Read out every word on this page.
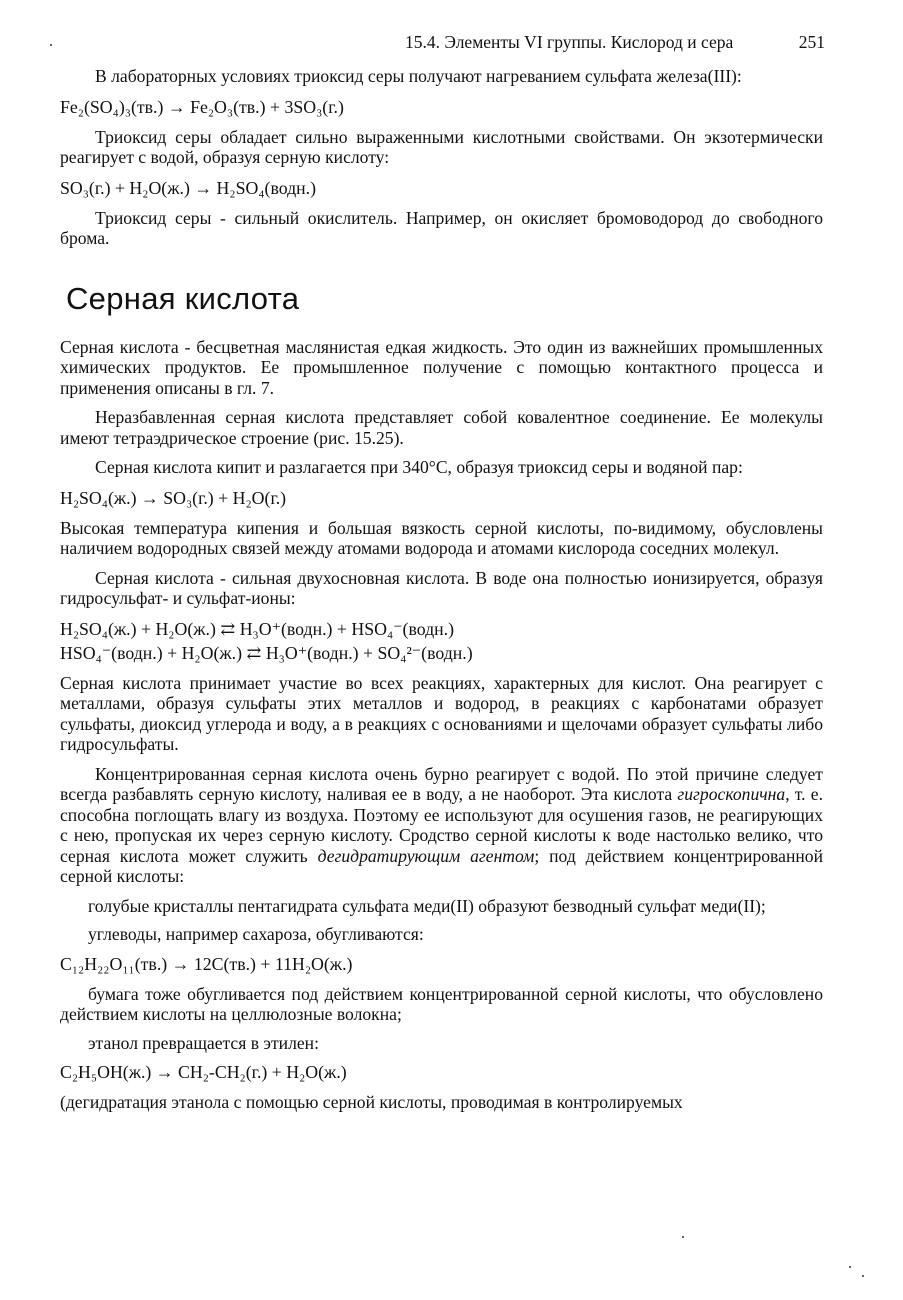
15.4. Элементы VI группы. Кислород и сера	251

В лабораторных условиях триоксид серы получают нагреванием сульфата железа(III):

Fe₂(SO₄)₃(тв.) → Fe₂O₃(тв.) + 3SO₃(г.)

Триоксид серы обладает сильно выраженными кислотными свойствами. Он экзотермически реагирует с водой, образуя серную кислоту:

SO₃(г.) + H₂O(ж.) → H₂SO₄(водн.)

Триоксид серы - сильный окислитель. Например, он окисляет бромоводород до свободного брома.

Серная кислота

Серная кислота - бесцветная маслянистая едкая жидкость. Это один из важнейших промышленных химических продуктов. Ее промышленное получение с помощью контактного процесса и применения описаны в гл. 7.

Неразбавленная серная кислота представляет собой ковалентное соединение. Ее молекулы имеют тетраэдрическое строение (рис. 15.25).

Серная кислота кипит и разлагается при 340°С, образуя триоксид серы и водяной пар:

H₂SO₄(ж.) → SO₃(г.) + H₂O(г.)

Высокая температура кипения и большая вязкость серной кислоты, по-видимому, обусловлены наличием водородных связей между атомами водорода и атомами кислорода соседних молекул.

Серная кислота - сильная двухосновная кислота. В воде она полностью ионизируется, образуя гидросульфат- и сульфат-ионы:

H₂SO₄(ж.) + H₂O(ж.) ⇄ H₃O⁺(водн.) + HSO₄⁻(водн.)
HSO₄⁻(водн.) + H₂O(ж.) ⇄ H₃O⁺(водн.) + SO₄²⁻(водн.)

Серная кислота принимает участие во всех реакциях, характерных для кислот. Она реагирует с металлами, образуя сульфаты этих металлов и водород, в реакциях с карбонатами образует сульфаты, диоксид углерода и воду, а в реакциях с основаниями и щелочами образует сульфаты либо гидросульфаты.

Концентрированная серная кислота очень бурно реагирует с водой. По этой причине следует всегда разбавлять серную кислоту, наливая ее в воду, а не наоборот. Эта кислота гигроскопична, т. е. способна поглощать влагу из воздуха. Поэтому ее используют для осушения газов, не реагирующих с нею, пропуская их через серную кислоту. Сродство серной кислоты к воде настолько велико, что серная кислота может служить дегидратирующим агентом; под действием концентрированной серной кислоты:

голубые кристаллы пентагидрата сульфата меди(II) образуют безводный сульфат меди(II);

углеводы, например сахароза, обугливаются:

C₁₂H₂₂O₁₁(тв.) → 12C(тв.) + 11H₂O(ж.)

бумага тоже обугливается под действием концентрированной серной кислоты, что обусловлено действием кислоты на целлюлозные волокна;

этанол превращается в этилен:

C₂H₅OH(ж.) → CH₂-CH₂(г.) + H₂O(ж.)

(дегидратация этанола с помощью серной кислоты, проводимая в контролируемых
